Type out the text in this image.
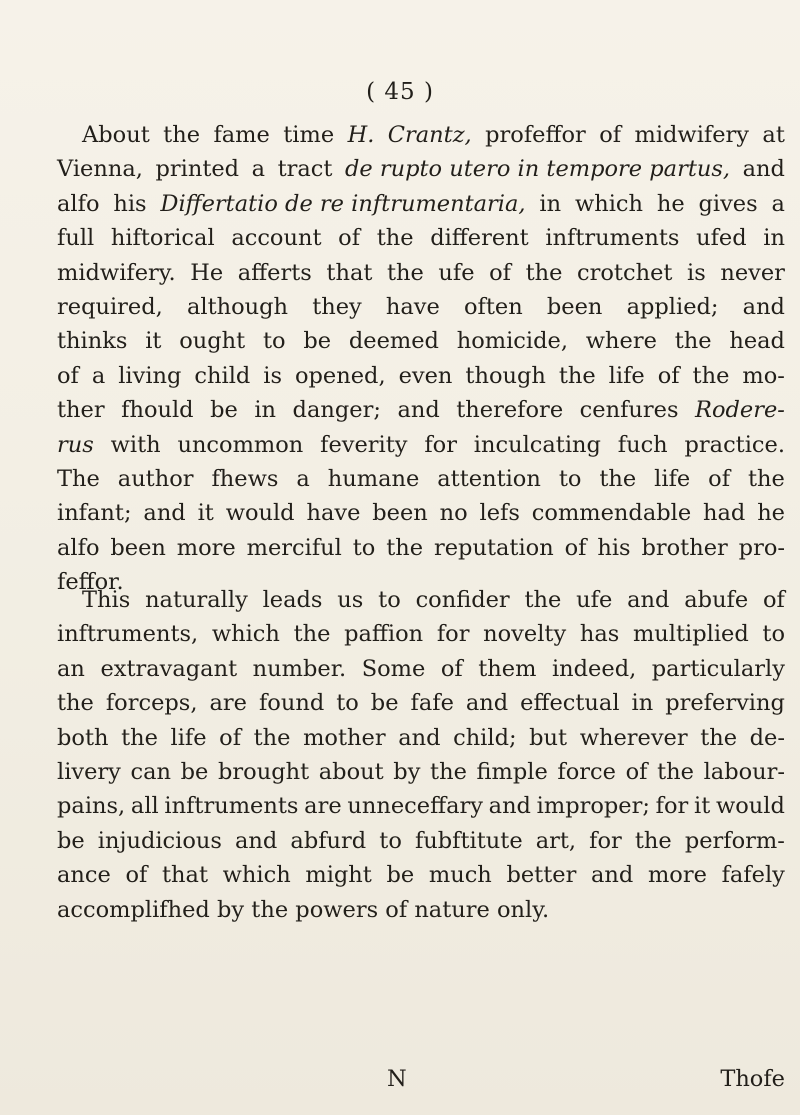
( 45 )
About the fame time H. Crantz, profeffor of midwifery at
Vienna, printed a tract de rupto utero in tempore partus, and
alfo his Differtatio de re inftrumentaria, in which he gives a
full hiftorical account of the different inftruments ufed in
midwifery. He afferts that the ufe of the crotchet is never
required, although they have often been applied; and
thinks it ought to be deemed homicide, where the head
of a living child is opened, even though the life of the mo-
ther fhould be in danger; and therefore cenfures Rodere-
rus with uncommon feverity for inculcating fuch practice.
The author fhews a humane attention to the life of the
infant; and it would have been no lefs commendable had he
alfo been more merciful to the reputation of his brother pro-
feffor.
This naturally leads us to confider the ufe and abufe of
inftruments, which the paffion for novelty has multiplied to
an extravagant number. Some of them indeed, particularly
the forceps, are found to be fafe and effectual in preferving
both the life of the mother and child; but wherever the de-
livery can be brought about by the fimple force of the labour-
pains, all inftruments are unneceffary and improper; for it would
be injudicious and abfurd to fubftitute art, for the perform-
ance of that which might be much better and more fafely
accomplifhed
by
the
powers
of
nature
only.
N	Thofe
